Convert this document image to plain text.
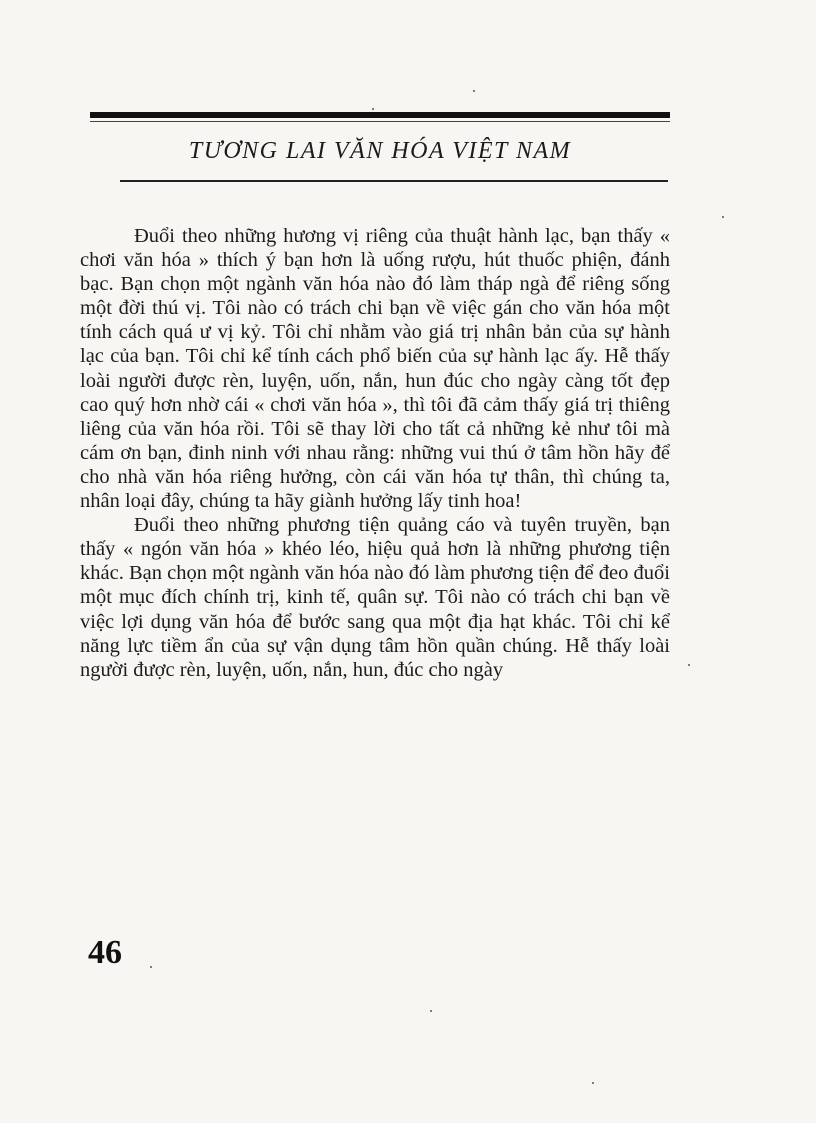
TƯƠNG LAI VĂN HÓA VIỆT NAM

Đuổi theo những hương vị riêng của thuật hành lạc, bạn thấy « chơi văn hóa » thích ý bạn hơn là uống rượu, hút thuốc phiện, đánh bạc. Bạn chọn một ngành văn hóa nào đó làm tháp ngà để riêng sống một đời thú vị. Tôi nào có trách chi bạn về việc gán cho văn hóa một tính cách quá ư vị kỷ. Tôi chỉ nhằm vào giá trị nhân bản của sự hành lạc của bạn. Tôi chỉ kể tính cách phổ biến của sự hành lạc ấy. Hễ thấy loài người được rèn, luyện, uốn, nắn, hun đúc cho ngày càng tốt đẹp cao quý hơn nhờ cái « chơi văn hóa », thì tôi đã cảm thấy giá trị thiêng liêng của văn hóa rồi. Tôi sẽ thay lời cho tất cả những kẻ như tôi mà cám ơn bạn, đinh ninh với nhau rằng: những vui thú ở tâm hồn hãy để cho nhà văn hóa riêng hưởng, còn cái văn hóa tự thân, thì chúng ta, nhân loại đây, chúng ta hãy giành hưởng lấy tinh hoa!

Đuổi theo những phương tiện quảng cáo và tuyên truyền, bạn thấy « ngón văn hóa » khéo léo, hiệu quả hơn là những phương tiện khác. Bạn chọn một ngành văn hóa nào đó làm phương tiện để đeo đuổi một mục đích chính trị, kinh tế, quân sự. Tôi nào có trách chi bạn về việc lợi dụng văn hóa để bước sang qua một địa hạt khác. Tôi chỉ kể năng lực tiềm ẩn của sự vận dụng tâm hồn quần chúng. Hễ thấy loài người được rèn, luyện, uốn, nắn, hun, đúc cho ngày

46
